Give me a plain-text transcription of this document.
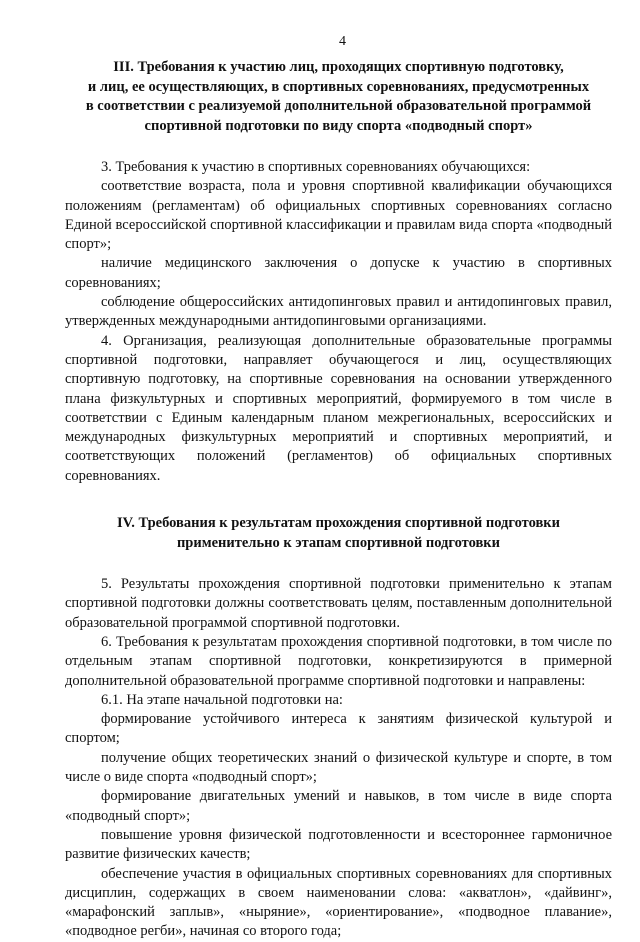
4
III. Требования к участию лиц, проходящих спортивную подготовку,
и лиц, ее осуществляющих, в спортивных соревнованиях, предусмотренных
в соответствии с реализуемой дополнительной образовательной программой
спортивной подготовки по виду спорта «подводный спорт»

3. Требования к участию в спортивных соревнованиях обучающихся:

соответствие возраста, пола и уровня спортивной квалификации обучающихся положениям (регламентам) об официальных спортивных соревнованиях согласно Единой всероссийской спортивной классификации и правилам вида спорта «подводный спорт»;

наличие медицинского заключения о допуске к участию в спортивных соревнованиях;

соблюдение общероссийских антидопинговых правил и антидопинговых правил, утвержденных международными антидопинговыми организациями.

4. Организация, реализующая дополнительные образовательные программы спортивной подготовки, направляет обучающегося и лиц, осуществляющих спортивную подготовку, на спортивные соревнования на основании утвержденного плана физкультурных и спортивных мероприятий, формируемого в том числе в соответствии с Единым календарным планом межрегиональных, всероссийских и международных физкультурных мероприятий и спортивных мероприятий, и соответствующих положений (регламентов) об официальных спортивных соревнованиях.

IV. Требования к результатам прохождения спортивной подготовки
применительно к этапам спортивной подготовки

5. Результаты прохождения спортивной подготовки применительно к этапам спортивной подготовки должны соответствовать целям, поставленным дополнительной образовательной программой спортивной подготовки.

6. Требования к результатам прохождения спортивной подготовки, в том числе по отдельным этапам спортивной подготовки, конкретизируются в примерной дополнительной образовательной программе спортивной подготовки и направлены:

6.1. На этапе начальной подготовки на:

формирование устойчивого интереса к занятиям физической культурой и спортом;

получение общих теоретических знаний о физической культуре и спорте, в том числе о виде спорта «подводный спорт»;

формирование двигательных умений и навыков, в том числе в виде спорта «подводный спорт»;

повышение уровня физической подготовленности и всестороннее гармоничное развитие физических качеств;

обеспечение участия в официальных спортивных соревнованиях для спортивных дисциплин, содержащих в своем наименовании слова: «акватлон», «дайвинг», «марафонский заплыв», «ныряние», «ориентирование», «подводное плавание», «подводное регби», начиная со второго года;
